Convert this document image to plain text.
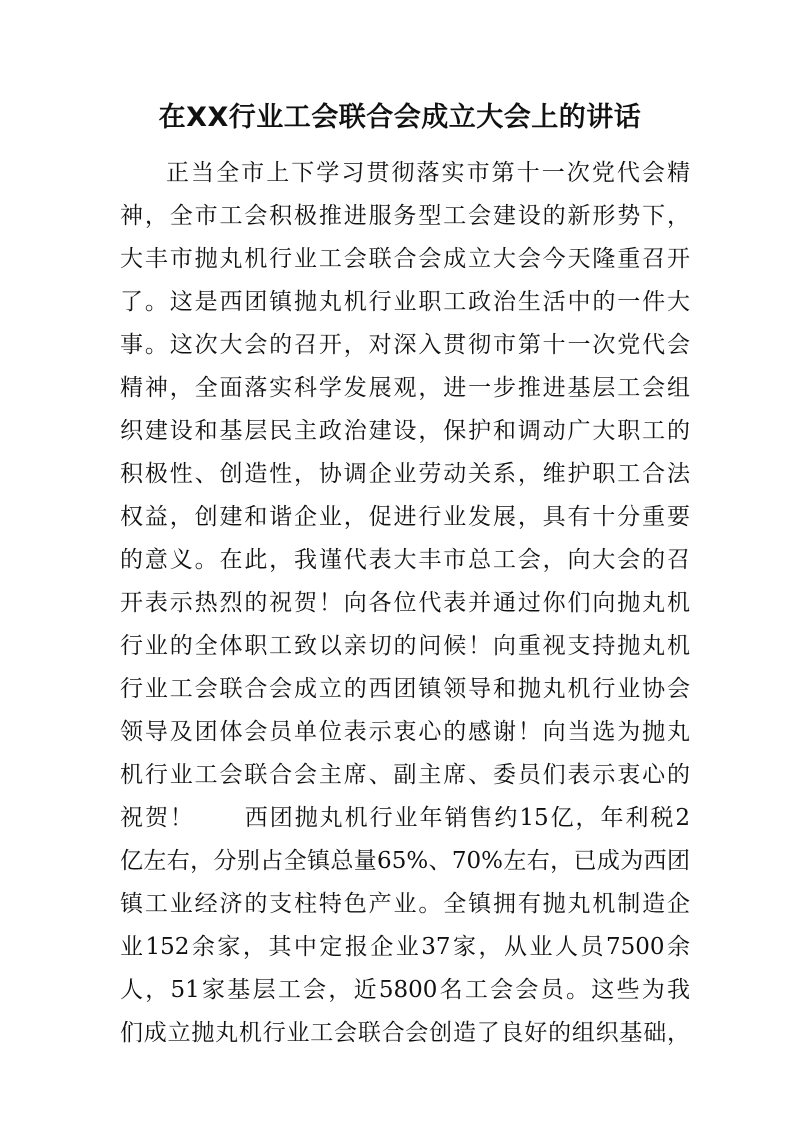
在XX行业工会联合会成立大会上的讲话
正当全市上下学习贯彻落实市第十一次党代会精
神，全市工会积极推进服务型工会建设的新形势下，
大丰市抛丸机行业工会联合会成立大会今天隆重召开
了。这是西团镇抛丸机行业职工政治生活中的一件大
事。这次大会的召开，对深入贯彻市第十一次党代会
精神，全面落实科学发展观，进一步推进基层工会组
织建设和基层民主政治建设，保护和调动广大职工的
积极性、创造性，协调企业劳动关系，维护职工合法
权益，创建和谐企业，促进行业发展，具有十分重要
的意义。在此，我谨代表大丰市总工会，向大会的召
开表示热烈的祝贺！向各位代表并通过你们向抛丸机
行业的全体职工致以亲切的问候！向重视支持抛丸机
行业工会联合会成立的西团镇领导和抛丸机行业协会
领导及团体会员单位表示衷心的感谢！向当选为抛丸
机行业工会联合会主席、副主席、委员们表示衷心的
祝贺！　　西团抛丸机行业年销售约15亿，年利税2
亿左右，分别占全镇总量65%、70%左右，已成为西团
镇工业经济的支柱特色产业。全镇拥有抛丸机制造企
业152余家，其中定报企业37家，从业人员7500余
人，51家基层工会，近5800名工会会员。这些为我
们成立抛丸机行业工会联合会创造了良好的组织基础，
